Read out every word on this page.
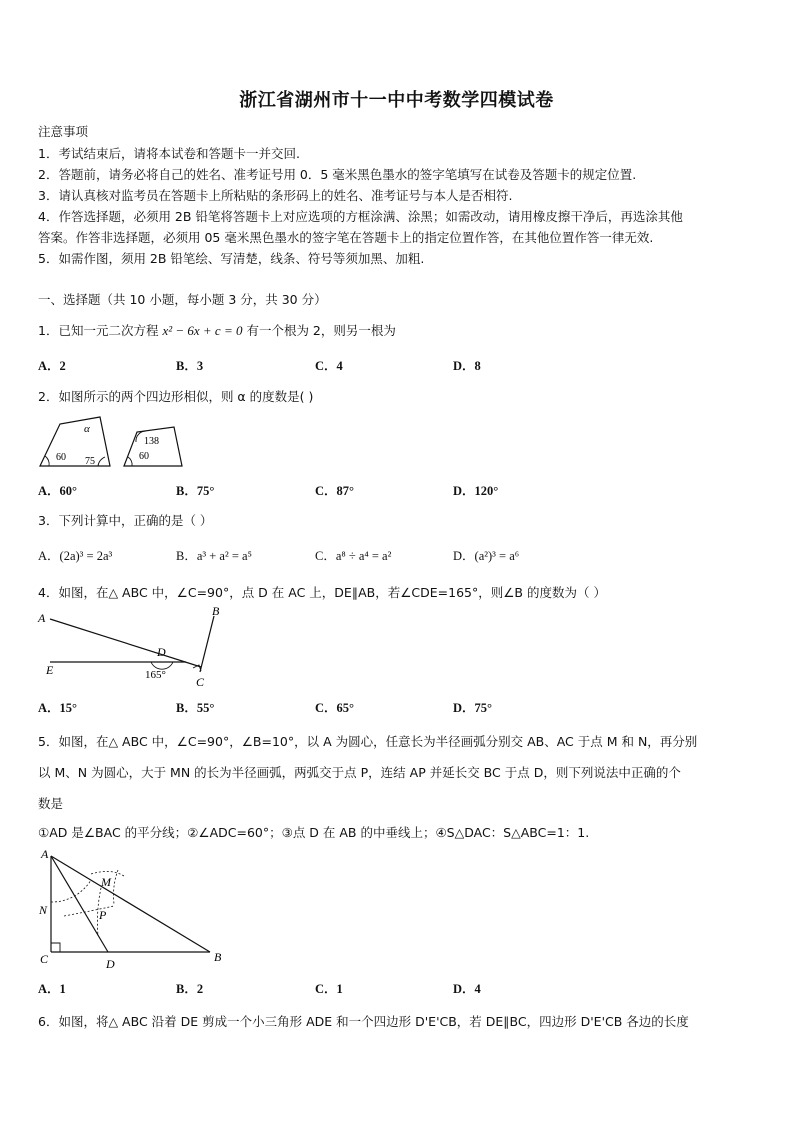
浙江省湖州市十一中中考数学四模试卷
注意事项
1．考试结束后，请将本试卷和答题卡一并交回.
2．答题前，请务必将自己的姓名、准考证号用 0．5 毫米黑色墨水的签字笔填写在试卷及答题卡的规定位置.
3．请认真核对监考员在答题卡上所粘贴的条形码上的姓名、准考证号与本人是否相符.
4．作答选择题，必须用 2B 铅笔将答题卡上对应选项的方框涂满、涂黑；如需改动，请用橡皮擦干净后，再选涂其他
答案。作答非选择题，必须用 05 毫米黑色墨水的签字笔在答题卡上的指定位置作答，在其他位置作答一律无效.
5．如需作图，须用 2B 铅笔绘、写清楚，线条、符号等须加黑、加粗.
一、选择题（共 10 小题，每小题 3 分，共 30 分）
1．已知一元二次方程 x² − 6x + c = 0 有一个根为 2，则另一根为
A．2	B．3	C．4	D．8
2．如图所示的两个四边形相似，则 α 的度数是( )
α
60 75
138
60
A．60°	B．75°	C．87°	D．120°
3．下列计算中，正确的是（ ）
A．(2a)³ = 2a³	B．a³ + a² = a⁵	C．a⁸ ÷ a⁴ = a²	D．(a²)³ = a⁶
4．如图，在△ ABC 中，∠C=90°，点 D 在 AC 上，DE∥AB，若∠CDE=165°，则∠B 的度数为（ ）
A	B
C
D
E	165°
A．15°	B．55°	C．65°	D．75°
5．如图，在△ ABC 中，∠C=90°，∠B=10°，以 A 为圆心，任意长为半径画弧分别交 AB、AC 于点 M 和 N，再分别
以 M、N 为圆心，大于 MN 的长为半径画弧，两弧交于点 P，连结 AP 并延长交 BC 于点 D，则下列说法中正确的个
数是
①AD 是∠BAC 的平分线；②∠ADC=60°；③点 D 在 AB 的中垂线上；④S△DAC：S△ABC=1：1.
A
B
C	D
M
N	P
A．1	B．2	C．1	D．4
6．如图，将△ ABC 沿着 DE 剪成一个小三角形 ADE 和一个四边形 D'E'CB，若 DE∥BC，四边形 D'E'CB 各边的长度
